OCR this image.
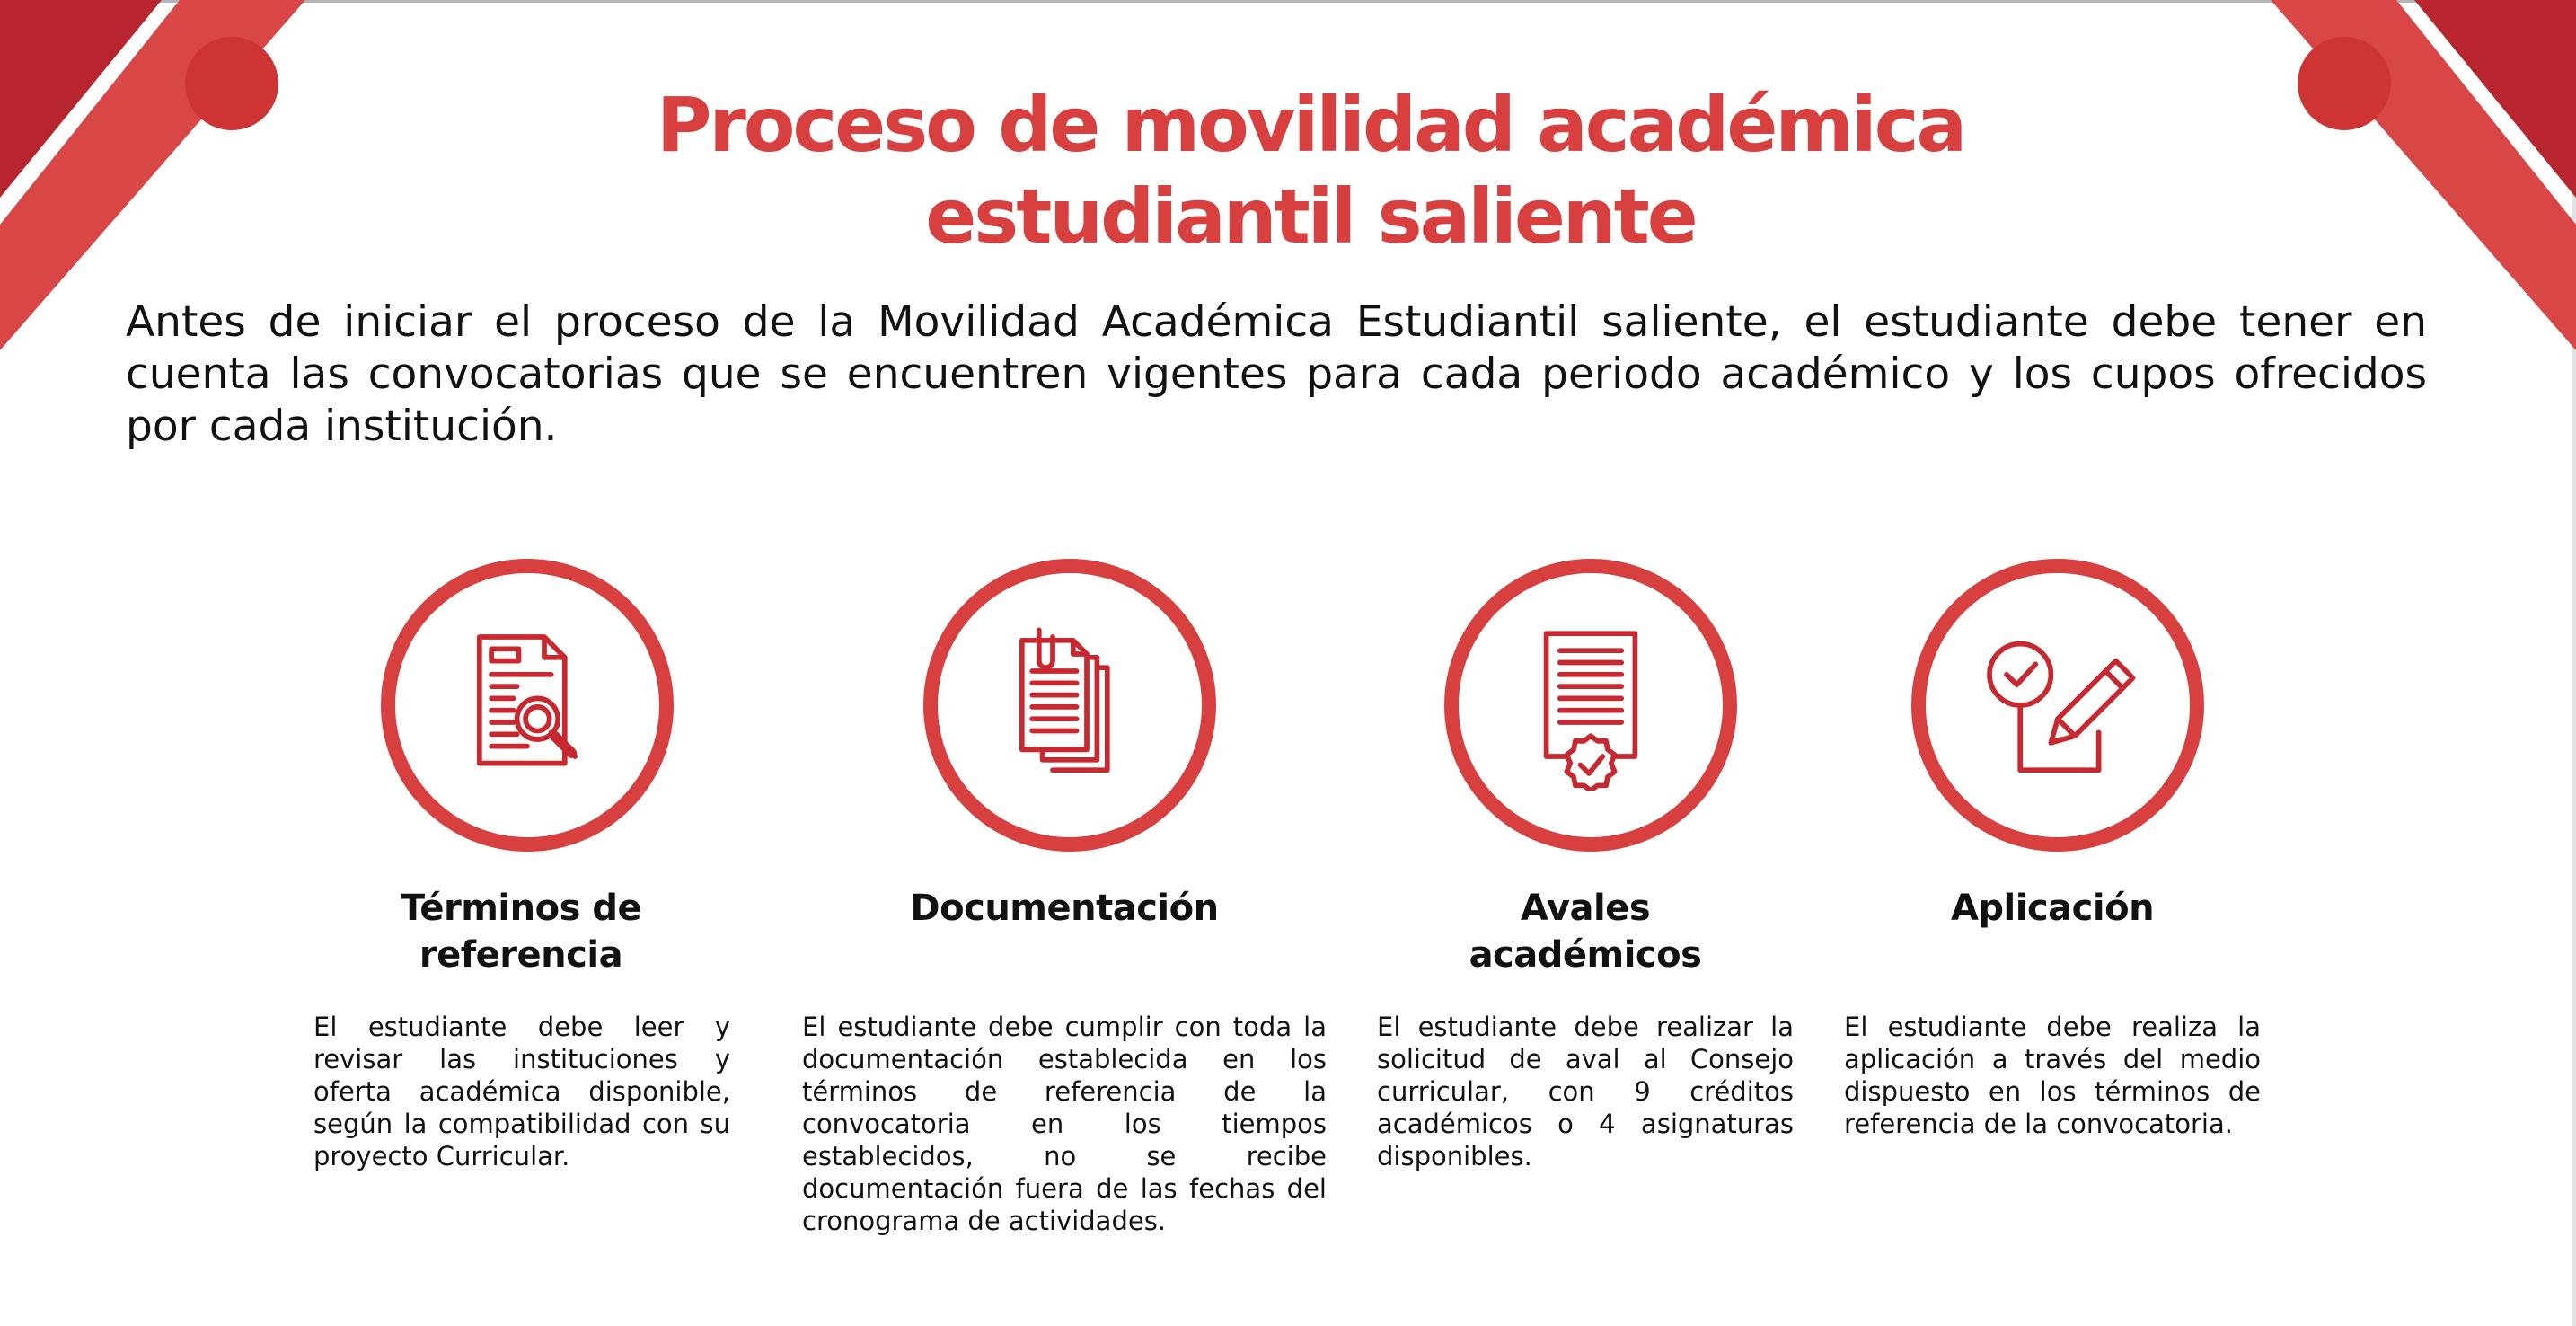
Proceso de movilidad académica
estudiantil saliente

Antes de iniciar el proceso de la Movilidad Académica Estudiantil saliente, el estudiante debe tener en cuenta las convocatorias que se encuentren vigentes para cada periodo académico y los cupos ofrecidos por cada institución.

Términos de referencia

El estudiante debe leer y revisar las instituciones y oferta académica disponible, según la compatibilidad con su proyecto Curricular.

Documentación

El estudiante debe cumplir con toda la documentación establecida en los términos de referencia de la convocatoria en los tiempos establecidos, no se recibe documentación fuera de las fechas del cronograma de actividades.

Avales académicos

El estudiante debe realizar la solicitud de aval al Consejo curricular, con 9 créditos académicos o 4 asignaturas disponibles.

Aplicación

El estudiante debe realiza la aplicación a través del medio dispuesto en los términos de referencia de la convocatoria.
